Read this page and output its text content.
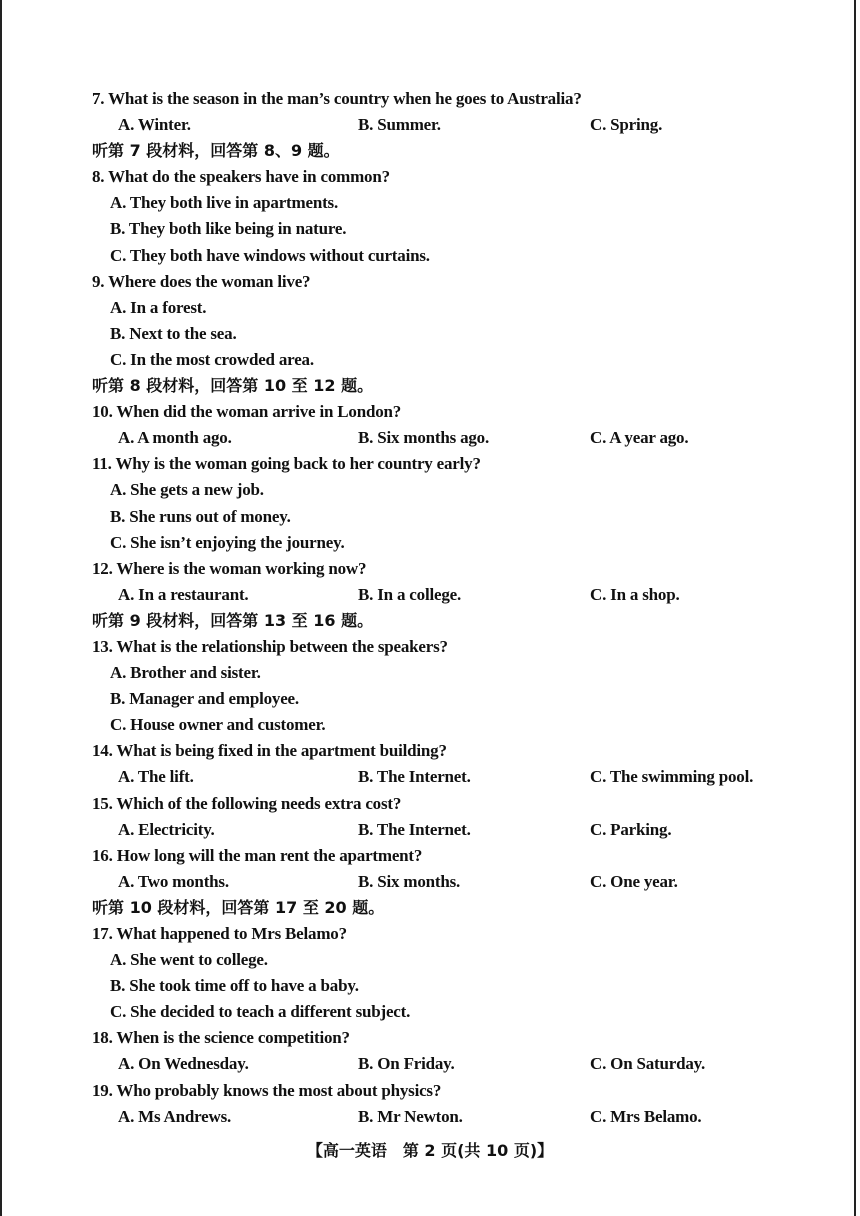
7. What is the season in the man’s country when he goes to Australia?
A. Winter.	B. Summer.	C. Spring.
听第 7 段材料，回答第 8、9 题。
8. What do the speakers have in common?
A. They both live in apartments.
B. They both like being in nature.
C. They both have windows without curtains.
9. Where does the woman live?
A. In a forest.
B. Next to the sea.
C. In the most crowded area.
听第 8 段材料，回答第 10 至 12 题。
10. When did the woman arrive in London?
A. A month ago.	B. Six months ago.	C. A year ago.
11. Why is the woman going back to her country early?
A. She gets a new job.
B. She runs out of money.
C. She isn’t enjoying the journey.
12. Where is the woman working now?
A. In a restaurant.	B. In a college.	C. In a shop.
听第 9 段材料，回答第 13 至 16 题。
13. What is the relationship between the speakers?
A. Brother and sister.
B. Manager and employee.
C. House owner and customer.
14. What is being fixed in the apartment building?
A. The lift.	B. The Internet.	C. The swimming pool.
15. Which of the following needs extra cost?
A. Electricity.	B. The Internet.	C. Parking.
16. How long will the man rent the apartment?
A. Two months.	B. Six months.	C. One year.
听第 10 段材料，回答第 17 至 20 题。
17. What happened to Mrs Belamo?
A. She went to college.
B. She took time off to have a baby.
C. She decided to teach a different subject.
18. When is the science competition?
A. On Wednesday.	B. On Friday.	C. On Saturday.
19. Who probably knows the most about physics?
A. Ms Andrews.	B. Mr Newton.	C. Mrs Belamo.
【高一英语　第 2 页(共 10 页)】
